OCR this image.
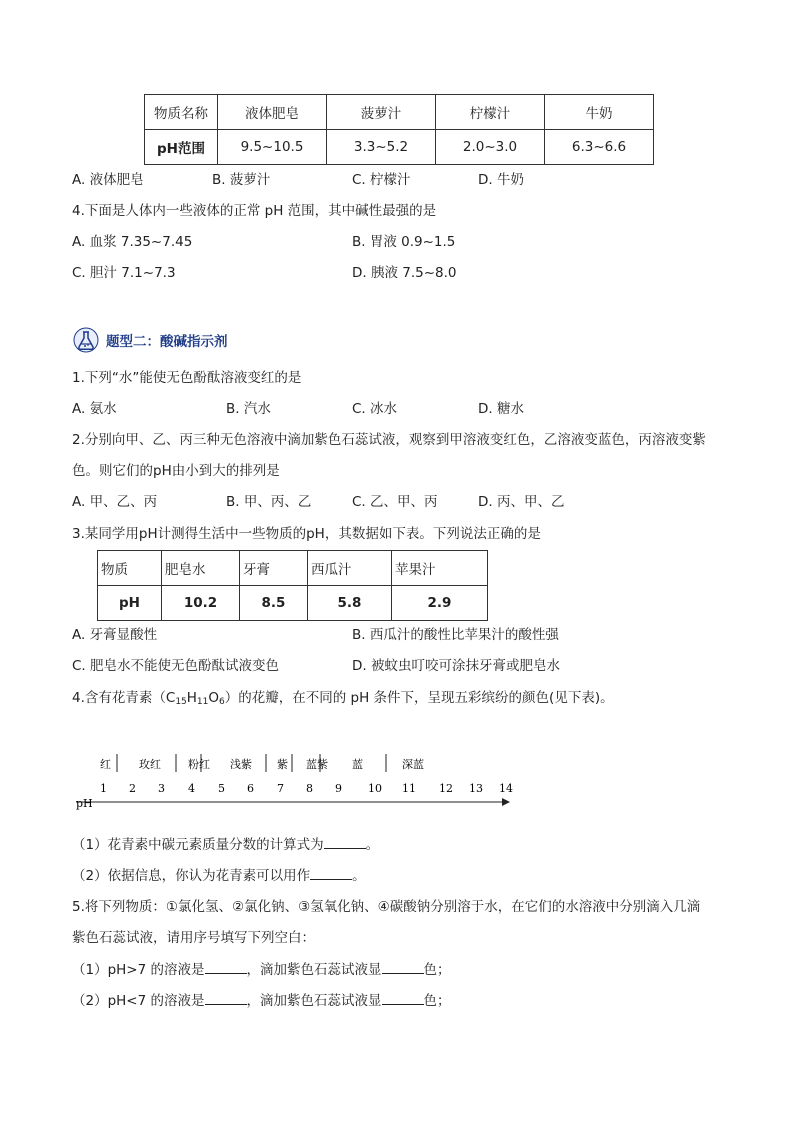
物质名称	液体肥皂	菠萝汁	柠檬汁	牛奶
pH范围	9.5~10.5	3.3~5.2	2.0~3.0	6.3~6.6
A. 液体肥皂	B. 菠萝汁	C. 柠檬汁	D. 牛奶
4.下面是人体内一些液体的正常 pH 范围，其中碱性最强的是
A. 血浆 7.35~7.45	B. 胃液 0.9~1.5
C. 胆汁 7.1~7.3	D. 胰液 7.5~8.0
题型二：酸碱指示剂
1.下列“水”能使无色酚酞溶液变红的是
A. 氨水	B. 汽水	C. 冰水	D. 糖水
2.分别向甲、乙、丙三种无色溶液中滴加紫色石蕊试液，观察到甲溶液变红色，乙溶液变蓝色，丙溶液变紫
色。则它们的pH由小到大的排列是
A. 甲、乙、丙	B. 甲、丙、乙	C. 乙、甲、丙	D. 丙、甲、乙
3.某同学用pH计测得生活中一些物质的pH，其数据如下表。下列说法正确的是
物质	肥皂水	牙膏	西瓜汁	苹果汁
pH	10.2	8.5	5.8	2.9
A. 牙膏显酸性	B. 西瓜汁的酸性比苹果汁的酸性强
C. 肥皂水不能使无色酚酞试液变色	D. 被蚊虫叮咬可涂抹牙膏或肥皂水
4.含有花青素$(C_{15}H_{11}O_6)$的花瓣，在不同的 pH 条件下，呈现五彩缤纷的颜色(见下表)。
红	玫红 粉红 浅紫 紫 蓝紫 蓝	深蓝
1 2 3 4 5 6 7 8 9 10 11 12 13 14
pH
（1）花青素中碳元素质量分数的计算式为	。
（2）依据信息，你认为花青素可以用作	。
5.将下列物质：①氯化氢、②氯化钠、③氢氧化钠、④碳酸钠分别溶于水，在它们的水溶液中分别滴入几滴
紫色石蕊试液，请用序号填写下列空白：
（1）pH>7 的溶液是	，滴加紫色石蕊试液显	色；
（2）pH<7 的溶液是	，滴加紫色石蕊试液显	色；
